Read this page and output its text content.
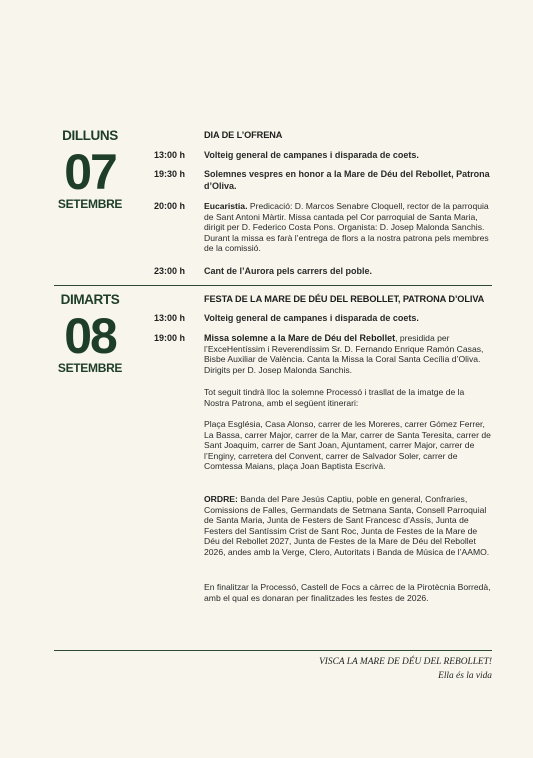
DILLUNS
07
SETEMBRE
DIA DE L’OFRENA
13:00 h Volteig general de campanes i disparada de coets.
19:30 h Solemnes vespres en honor a la Mare de Déu del Rebollet, Patrona d’Oliva.
20:00 h Eucaristia. Predicació: D. Marcos Senabre Cloquell, rector de la parroquia de Sant Antoni Màrtir. Missa cantada pel Cor parroquial de Santa Maria, dirigit per D. Federico Costa Pons. Organista: D. Josep Malonda Sanchis. Durant la missa es farà l’entrega de flors a la nostra patrona pels membres de la comissió.
23:00 h Cant de l’Aurora pels carrers del poble.
DIMARTS
08
SETEMBRE
FESTA DE LA MARE DE DÉU DEL REBOLLET, PATRONA D’OLIVA
13:00 h Volteig general de campanes i disparada de coets.
19:00 h Missa solemne a la Mare de Déu del Rebollet, presidida per l’ExceHentíssim i Reverendíssim Sr. D. Fernando Enrique Ramón Casas, Bisbe Auxiliar de València. Canta la Missa la Coral Santa Cecília d’Oliva. Dirigits per D. Josep Malonda Sanchis.
Tot seguit tindrà lloc la solemne Processó i trasllat de la imatge de la Nostra Patrona, amb el següent itinerari:
Plaça Església, Casa Alonso, carrer de les Moreres, carrer Gómez Ferrer, La Bassa, carrer Major, carrer de la Mar, carrer de Santa Teresita, carrer de Sant Joaquim, carrer de Sant Joan, Ajuntament, carrer Major, carrer de l’Enginy, carretera del Convent, carrer de Salvador Soler, carrer de Comtessa Maians, plaça Joan Baptista Escrivà.
ORDRE: Banda del Pare Jesús Captiu, poble en general, Confraries, Comissions de Falles, Germandats de Setmana Santa, Consell Parroquial de Santa Maria, Junta de Festers de Sant Francesc d’Assís, Junta de Festers del Santíssim Crist de Sant Roc, Junta de Festes de la Mare de Déu del Rebollet 2027, Junta de Festes de la Mare de Déu del Rebollet 2026, andes amb la Verge, Clero, Autoritats i Banda de Música de l’AAMO.
En finalitzar la Processó, Castell de Focs a càrrec de la Pirotècnia Borredà, amb el qual es donaran per finalitzades les festes de 2026.
VISCA LA MARE DE DÉU DEL REBOLLET!
Ella és la vida
